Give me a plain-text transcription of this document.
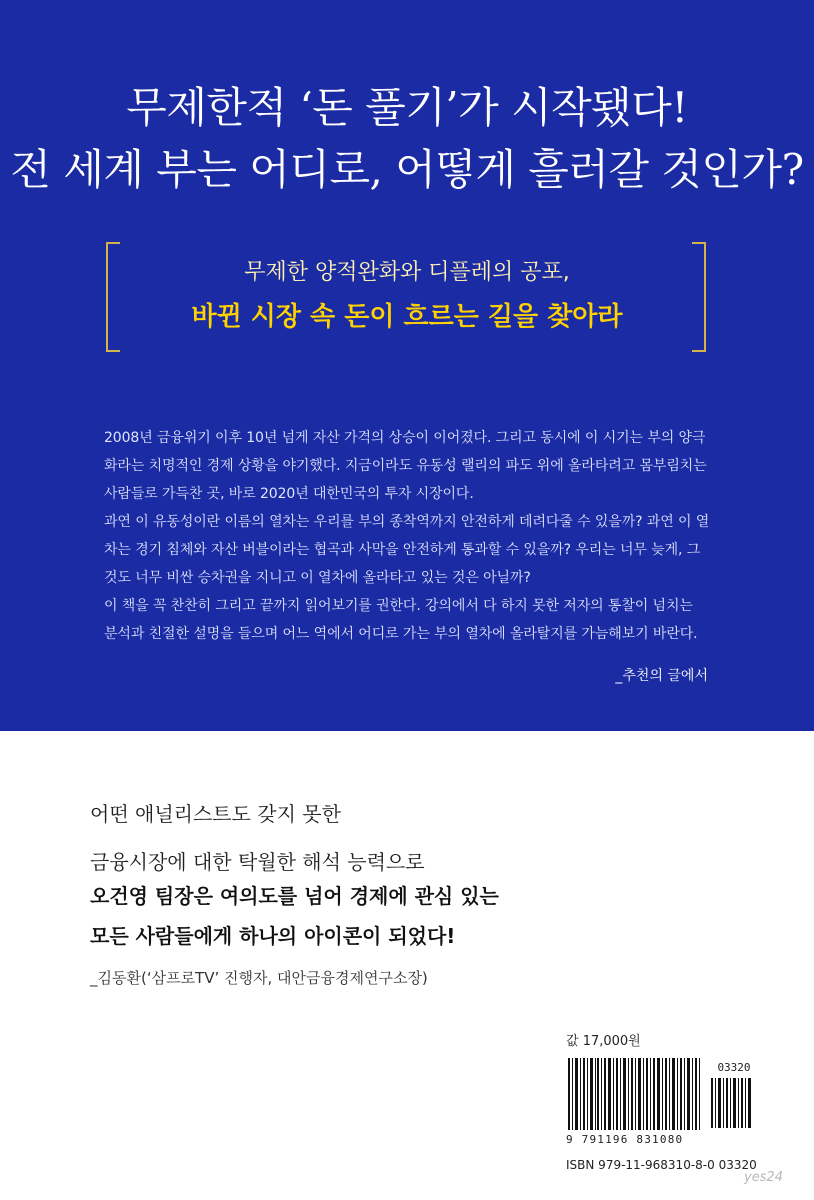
무제한적 ‘돈 풀기’가 시작됐다!
전 세계 부는 어디로, 어떻게 흘러갈 것인가?
무제한 양적완화와 디플레의 공포,
바뀐 시장 속 돈이 흐르는 길을 찾아라

2008년 금융위기 이후 10년 넘게 자산 가격의 상승이 이어졌다. 그리고 동시에 이 시기는 부의 양극화라는 치명적인 경제 상황을 야기했다. 지금이라도 유동성 랠리의 파도 위에 올라타려고 몸부림치는 사람들로 가득찬 곳, 바로 2020년 대한민국의 투자 시장이다.

과연 이 유동성이란 이름의 열차는 우리를 부의 종착역까지 안전하게 데려다줄 수 있을까? 과연 이 열차는 경기 침체와 자산 버블이라는 협곡과 사막을 안전하게 통과할 수 있을까? 우리는 너무 늦게, 그것도 너무 비싼 승차권을 지니고 이 열차에 올라타고 있는 것은 아닐까?

이 책을 꼭 찬찬히 그리고 끝까지 읽어보기를 권한다. 강의에서 다 하지 못한 저자의 통찰이 넘치는 분석과 친절한 설명을 들으며 어느 역에서 어디로 가는 부의 열차에 올라탈지를 가늠해보기 바란다.

_추천의 글에서
어떤 애널리스트도 갖지 못한
금융시장에 대한 탁월한 해석 능력으로
오건영 팀장은 여의도를 넘어 경제에 관심 있는
모든 사람들에게 하나의 아이콘이 되었다!
_김동환(‘삼프로TV’ 진행자, 대안금융경제연구소장)
값 17,000원
03320
9 791196 831080
ISBN 979-11-968310-8-0 03320
yes24
